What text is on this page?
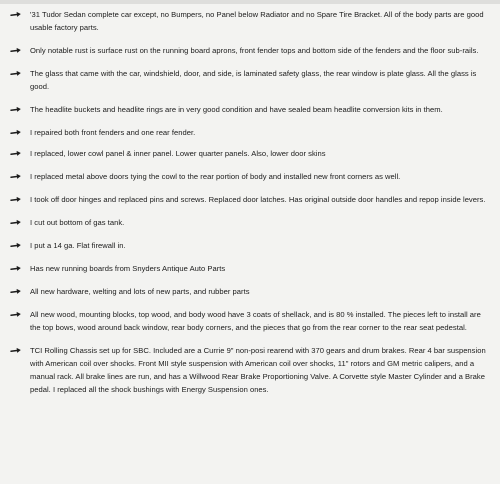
'31 Tudor Sedan complete car except, no Bumpers, no Panel below Radiator and no Spare Tire Bracket. All of the body parts are good usable factory parts.
Only notable rust is surface rust on the running board aprons, front fender tops and bottom side of the fenders and the floor sub-rails.
The glass that came with the car, windshield, door, and side, is laminated safety glass, the rear window is plate glass. All the glass is good.
The headlite buckets and headlite rings are in very good condition and have sealed beam headlite conversion kits in them.
I repaired both front fenders and one rear fender.
I replaced, lower cowl panel & inner panel. Lower quarter panels. Also, lower door skins
I replaced metal above doors tying the cowl to the rear portion of body and installed new front corners as well.
I took off door hinges and replaced pins and screws. Replaced door latches. Has original outside door handles and repop inside levers.
I cut out bottom of gas tank.
I put a 14 ga. Flat firewall in.
Has new running boards from Snyders Antique Auto Parts
All new hardware, welting and lots of new parts, and rubber parts
All new wood, mounting blocks, top wood, and body wood have 3 coats of shellack, and is 80 % installed. The pieces left to install are the top bows, wood around back window, rear body corners, and the pieces that go from the rear corner to the rear seat pedestal.
TCI Rolling Chassis set up for SBC. Included are a Currie 9" non-posi rearend with 370 gears and drum brakes. Rear 4 bar suspension with American coil over shocks. Front MII style suspension with American coil over shocks, 11" rotors and GM metric calipers, and a manual rack. All brake lines are run, and has a Willwood Rear Brake Proportioning Valve. A Corvette style Master Cylinder and a Brake pedal. I replaced all the shock bushings with Energy Suspension ones.
